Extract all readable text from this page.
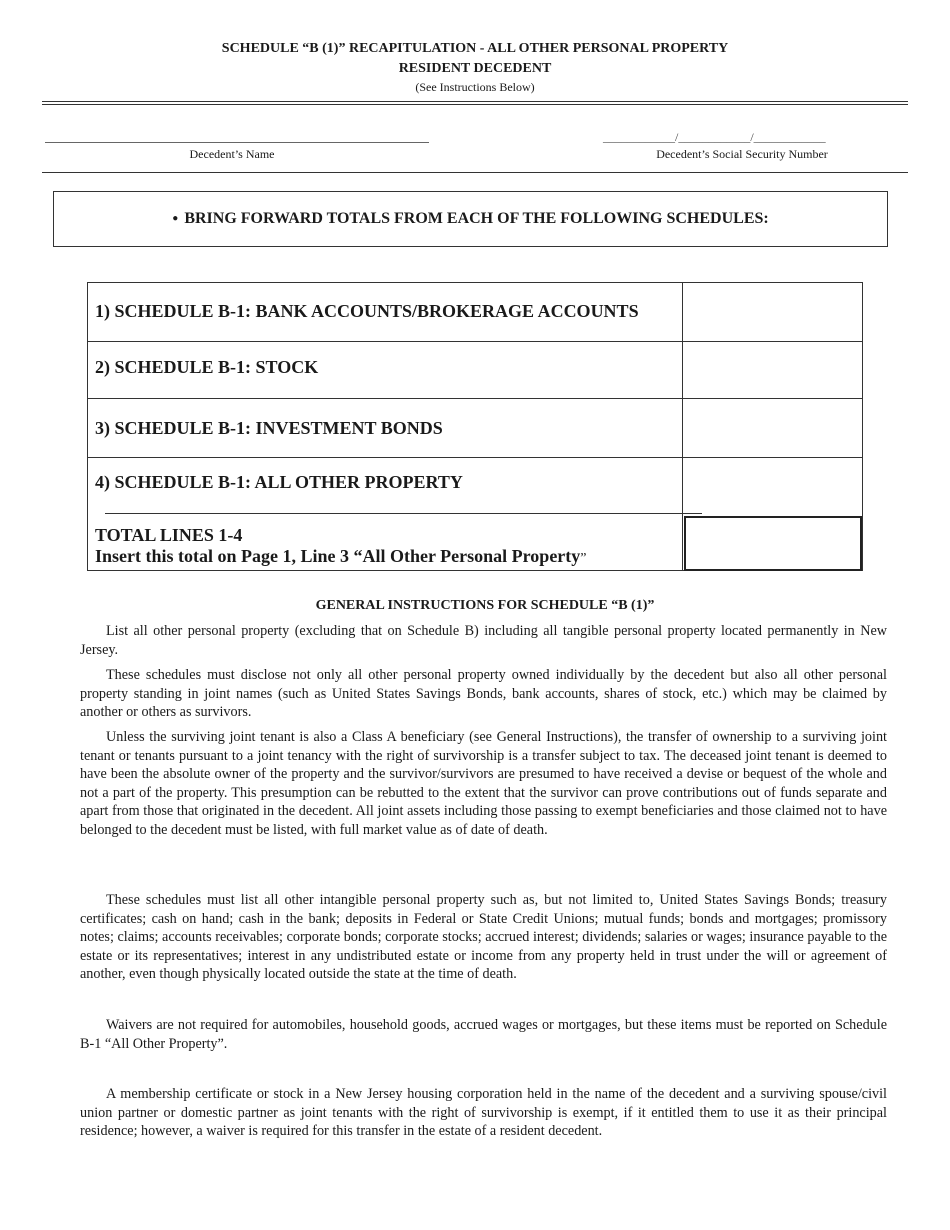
SCHEDULE “B (1)” RECAPITULATION - ALL OTHER PERSONAL PROPERTY
RESIDENT DECEDENT
(See Instructions Below)
Decedent’s Name
____________/____________/____________
Decedent’s Social Security Number
● BRING FORWARD TOTALS FROM EACH OF THE FOLLOWING SCHEDULES:
1) SCHEDULE B-1: BANK ACCOUNTS/BROKERAGE ACCOUNTS
2) SCHEDULE B-1: STOCK
3) SCHEDULE B-1: INVESTMENT BONDS
4) SCHEDULE B-1: ALL OTHER PROPERTY
TOTAL LINES 1-4
Insert this total on Page 1, Line 3 “All Other Personal Property”
GENERAL INSTRUCTIONS FOR SCHEDULE “B (1)”

List all other personal property (excluding that on Schedule B) including all tangible personal property located permanently in New Jersey.

These schedules must disclose not only all other personal property owned individually by the decedent but also all other personal property standing in joint names (such as United States Savings Bonds, bank accounts, shares of stock, etc.) which may be claimed by another or others as survivors.

Unless the surviving joint tenant is also a Class A beneficiary (see General Instructions), the transfer of ownership to a surviving joint tenant or tenants pursuant to a joint tenancy with the right of survivorship is a transfer subject to tax. The deceased joint tenant is deemed to have been the absolute owner of the property and the survivor/survivors are presumed to have received a devise or bequest of the whole and not a part of the property. This presumption can be rebutted to the extent that the survivor can prove contributions out of funds separate and apart from those that originated in the decedent. All joint assets including those passing to exempt beneficiaries and those claimed not to have belonged to the decedent must be listed, with full market value as of date of death.

These schedules must list all other intangible personal property such as, but not limited to, United States Savings Bonds; treasury certificates; cash on hand; cash in the bank; deposits in Federal or State Credit Unions; mutual funds; bonds and mortgages; promissory notes; claims; accounts receivables; corporate bonds; corporate stocks; accrued interest; dividends; salaries or wages; insurance payable to the estate or its representatives; interest in any undistributed estate or income from any property held in trust under the will or agreement of another, even though physically located outside the state at the time of death.

Waivers are not required for automobiles, household goods, accrued wages or mortgages, but these items must be reported on Schedule B-1 “All Other Property”.

A membership certificate or stock in a New Jersey housing corporation held in the name of the decedent and a surviving spouse/civil union partner or domestic partner as joint tenants with the right of survivorship is exempt, if it entitled them to use it as their principal residence; however, a waiver is required for this transfer in the estate of a resident decedent.
